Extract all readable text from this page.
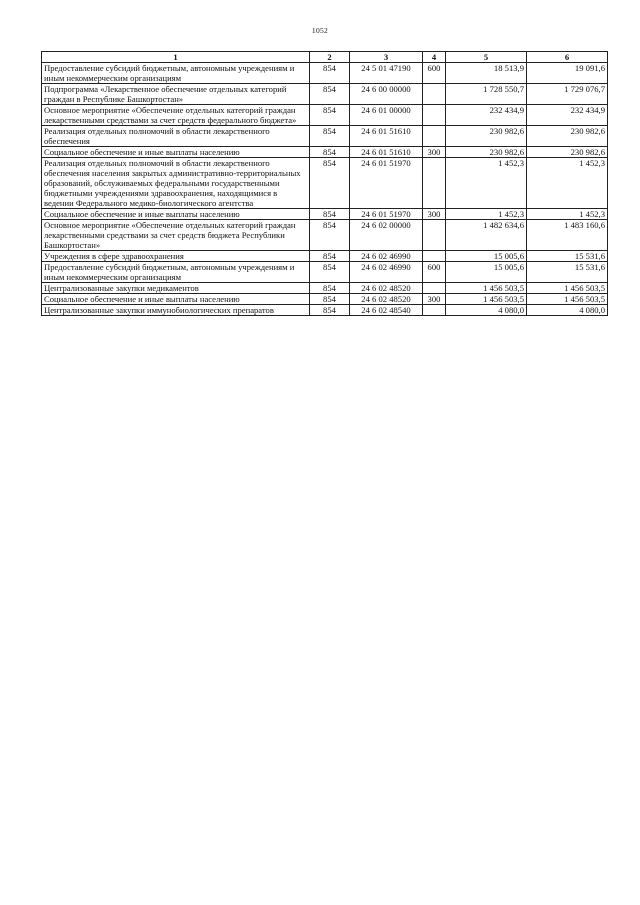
1052
1	2	3	4	5	6
Предоставление субсидий бюджетным, автономным учреждениям и иным некоммерческим организациям	854	24 5 01 47190	600	18 513,9	19 091,6
Подпрограмма «Лекарственное обеспечение отдельных категорий граждан в Республике Башкортостан»	854	24 6 00 00000		1 728 550,7	1 729 076,7
Основное мероприятие «Обеспечение отдельных категорий граждан лекарственными средствами за счет средств федерального бюджета»	854	24 6 01 00000		232 434,9	232 434,9
Реализация отдельных полномочий в области лекарственного обеспечения	854	24 6 01 51610		230 982,6	230 982,6
Социальное обеспечение и иные выплаты населению	854	24 6 01 51610	300	230 982,6	230 982,6
Реализация отдельных полномочий в области лекарственного обеспечения населения закрытых административно-территориальных образований, обслуживаемых федеральными государственными бюджетными учреждениями здравоохранения, находящимися в ведении Федерального медико-биологического агентства	854	24 6 01 51970		1 452,3	1 452,3
Социальное обеспечение и иные выплаты населению	854	24 6 01 51970	300	1 452,3	1 452,3
Основное мероприятие «Обеспечение отдельных категорий граждан лекарственными средствами за счет средств бюджета Республики Башкортостан»	854	24 6 02 00000		1 482 634,6	1 483 160,6
Учреждения в сфере здравоохранения	854	24 6 02 46990		15 005,6	15 531,6
Предоставление субсидий бюджетным, автономным учреждениям и иным некоммерческим организациям	854	24 6 02 46990	600	15 005,6	15 531,6
Централизованные закупки медикаментов	854	24 6 02 48520		1 456 503,5	1 456 503,5
Социальное обеспечение и иные выплаты населению	854	24 6 02 48520	300	1 456 503,5	1 456 503,5
Централизованные закупки иммунобиологических препаратов	854	24 6 02 48540		4 080,0	4 080,0
